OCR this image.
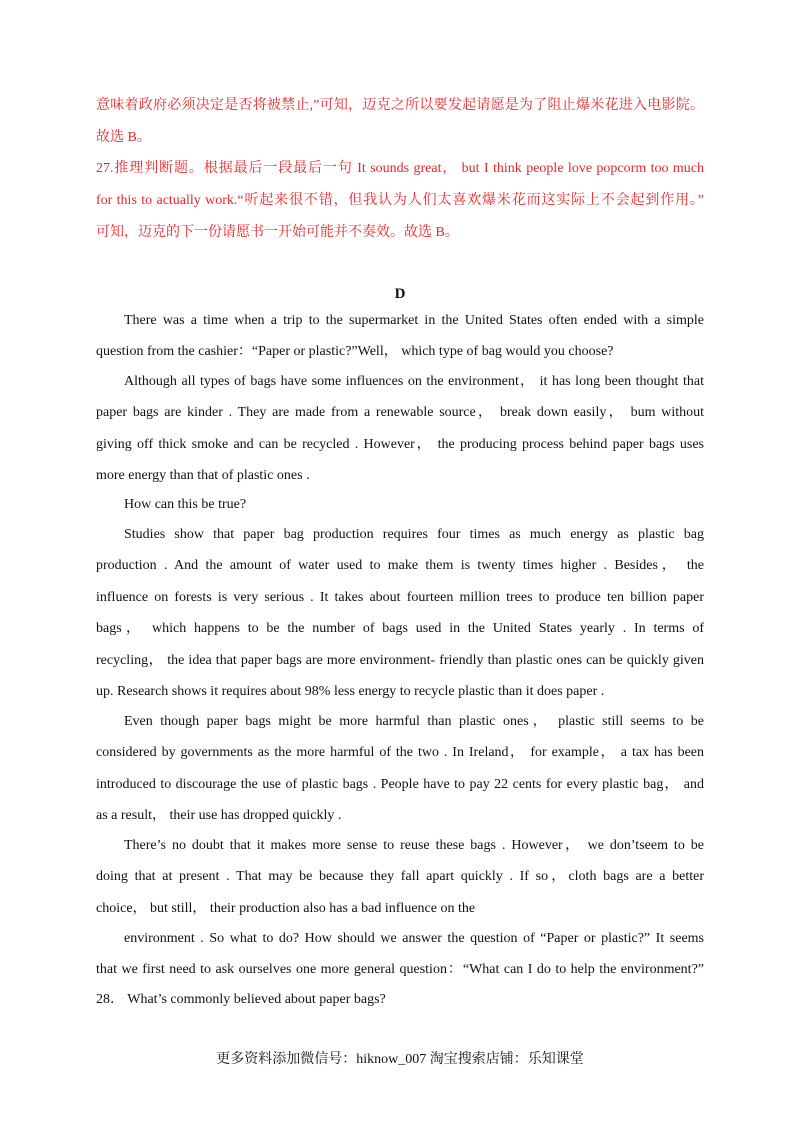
意味着政府必须决定是否将被禁止,”可知，迈克之所以要发起请愿是为了阻止爆米花进入电影院。
故选 B。
27.推理判断题。根据最后一段最后一句 It sounds great， but I think people love popcorm too much
for this to actually work.“听起来很不错，但我认为人们太喜欢爆米花而这实际上不会起到作用。”
可知，迈克的下一份请愿书一开始可能并不奏效。故选 B。
D
There was a time when a trip to the supermarket in the United States often ended with a simple
question from the cashier：“Paper or plastic?”Well， which type of bag would you choose?
Although all types of bags have some influences on the environment， it has long been thought that
paper bags are kinder . They are made from a renewable source， break down easily， bum without
giving off thick smoke and can be recycled . However， the producing process behind paper bags uses
more energy than that of plastic ones .
How can this be true?
Studies show that paper bag production requires four times as much energy as plastic bag
production . And the amount of water used to make them is twenty times higher . Besides， the
influence on forests is very serious . It takes about fourteen million trees to produce ten billion paper
bags， which happens to be the number of bags used in the United States yearly . In terms of
recycling， the idea that paper bags are more environment- friendly than plastic ones can be quickly given
up. Research shows it requires about 98% less energy to recycle plastic than it does paper .
Even though paper bags might be more harmful than plastic ones， plastic still seems to be
considered by governments as the more harmful of the two . In Ireland， for example， a tax has been
introduced to discourage the use of plastic bags . People have to pay 22 cents for every plastic bag， and
as a result， their use has dropped quickly .
There’s no doubt that it makes more sense to reuse these bags . However， we don’tseem to be
doing that at present . That may be because they fall apart quickly . If so，cloth bags are a better
choice， but still， their production also has a bad influence on the
environment . So what to do? How should we answer the question of “Paper or plastic?” It seems
that we first need to ask ourselves one more general question：“What can I do to help the environment?”
28． What’s commonly believed about paper bags?
更多资料添加微信号：hiknow_007 淘宝搜索店铺：乐知课堂
